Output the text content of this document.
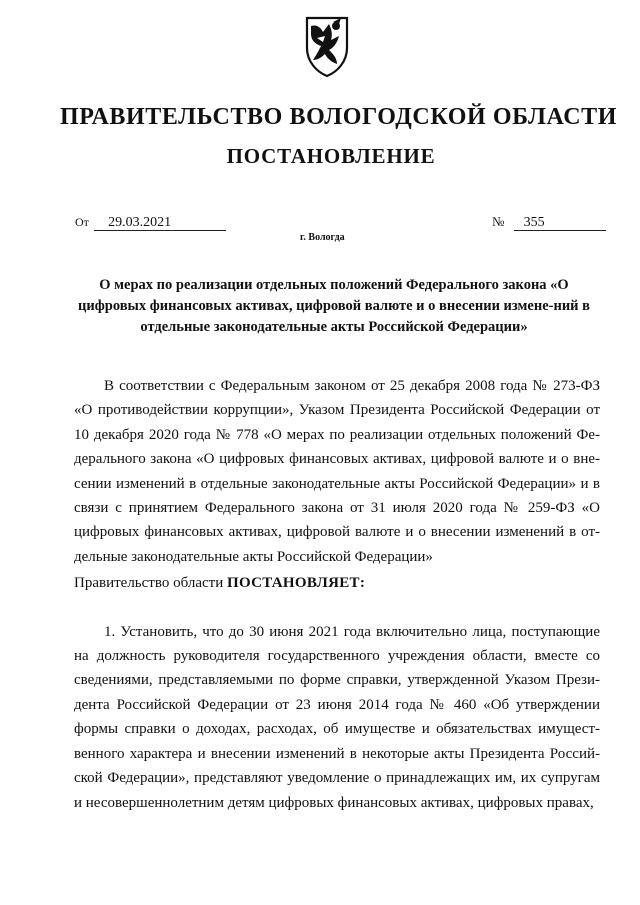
ПРАВИТЕЛЬСТВО ВОЛОГОДСКОЙ ОБЛАСТИ
ПОСТАНОВЛЕНИЕ
От 29.03.2021	№ 355
г. Вологда
О мерах по реализации отдельных положений Федерального закона «О цифровых финансовых активах, цифровой валюте и о внесении измене-ний в отдельные законодательные акты Российской Федерации»

В соответствии с Федеральным законом от 25 декабря 2008 года № 273-ФЗ «О противодействии коррупции», Указом Президента Российской Федерации от 10 декабря 2020 года № 778 «О мерах по реализации отдельных положений Фе-дерального закона «О цифровых финансовых активах, цифровой валюте и о вне-сении изменений в отдельные законодательные акты Российской Федерации» и в связи с принятием Федерального закона от 31 июля 2020 года № 259-ФЗ «О цифровых финансовых активах, цифровой валюте и о внесении изменений в от-дельные законодательные акты Российской Федерации»

Правительство области ПОСТАНОВЛЯЕТ:

1. Установить, что до 30 июня 2021 года включительно лица, поступающие на должность руководителя государственного учреждения области, вместе со сведениями, представляемыми по форме справки, утвержденной Указом Прези-дента Российской Федерации от 23 июня 2014 года № 460 «Об утверждении формы справки о доходах, расходах, об имуществе и обязательствах имущест-венного характера и внесении изменений в некоторые акты Президента Россий-ской Федерации», представляют уведомление о принадлежащих им, их супругам и несовершеннолетним детям цифровых финансовых активах, цифровых правах,
